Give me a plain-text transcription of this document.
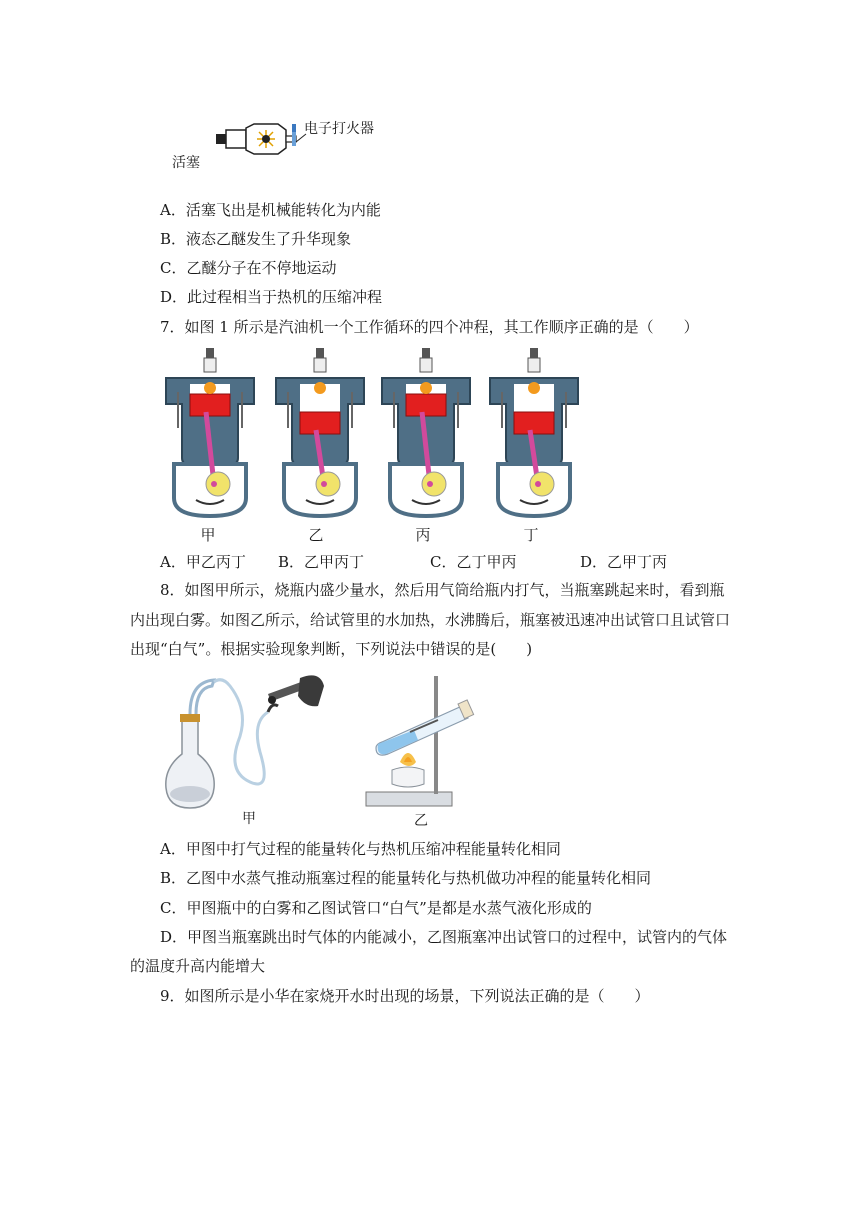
活塞
电子打火器
A．活塞飞出是机械能转化为内能
B．液态乙醚发生了升华现象
C．乙醚分子在不停地运动
D．此过程相当于热机的压缩冲程
7．如图 1 所示是汽油机一个工作循环的四个冲程，其工作顺序正确的是（　　）
甲	乙	丙	丁
A．甲乙丙丁 B．乙甲丙丁	C．乙丁甲丙	D．乙甲丁丙
8．如图甲所示，烧瓶内盛少量水，然后用气筒给瓶内打气，当瓶塞跳起来时，看到瓶
内出现白雾。如图乙所示，给试管里的水加热，水沸腾后，瓶塞被迅速冲出试管口且试管口
出现“白气”。根据实验现象判断，下列说法中错误的是(　　)
甲	乙
A．甲图中打气过程的能量转化与热机压缩冲程能量转化相同
B．乙图中水蒸气推动瓶塞过程的能量转化与热机做功冲程的能量转化相同
C．甲图瓶中的白雾和乙图试管口“白气”是都是水蒸气液化形成的
D．甲图当瓶塞跳出时气体的内能减小，乙图瓶塞冲出试管口的过程中，试管内的气体
的温度升高内能增大
9．如图所示是小华在家烧开水时出现的场景，下列说法正确的是（　　）
